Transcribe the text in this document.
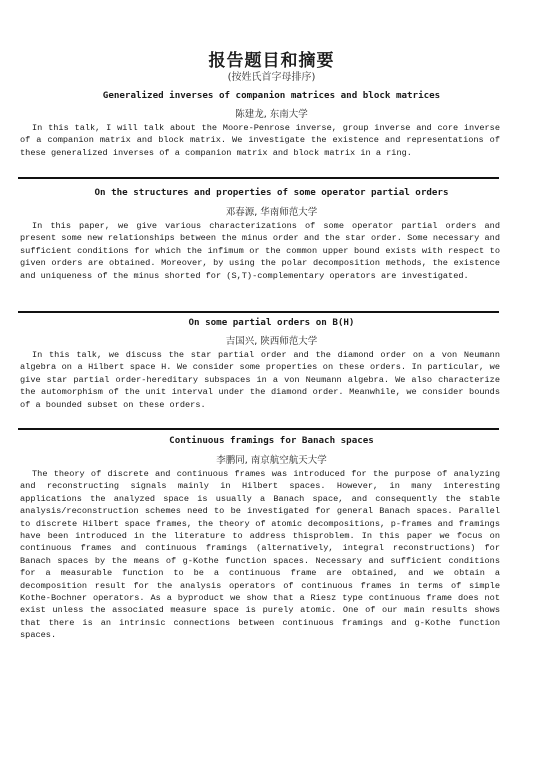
报告题目和摘要
(按姓氏首字母排序)
Generalized inverses of companion matrices and block matrices
陈建龙, 东南大学
In this talk, I will talk about the Moore-Penrose inverse, group inverse and core inverse of a companion matrix and block matrix. We investigate the existence and representations of these generalized inverses of a companion matrix and block matrix in a ring.
On the structures and properties of some operator partial orders
邓春源, 华南师范大学
In this paper, we give various characterizations of some operator partial orders and present some new relationships between the minus order and the star order. Some necessary and sufficient conditions for which the infimum or the common upper bound exists with respect to given orders are obtained. Moreover, by using the polar decomposition methods, the existence and uniqueness of the minus shorted for (S,T)-complementary operators are investigated.
On some partial orders on B(H)
吉国兴, 陕西师范大学
In this talk, we discuss the star partial order and the diamond order on a von Neumann algebra on a Hilbert space H. We consider some properties on these orders. In particular, we give star partial order-hereditary subspaces in a von Neumann algebra. We also characterize the automorphism of the unit interval under the diamond order. Meanwhile, we consider bounds of a bounded subset on these orders.
Continuous framings for Banach spaces
李鹏同, 南京航空航天大学
The theory of discrete and continuous frames was introduced for the purpose of analyzing and reconstructing signals mainly in Hilbert spaces. However, in many interesting applications the analyzed space is usually a Banach space, and consequently the stable analysis/reconstruction schemes need to be investigated for general Banach spaces. Parallel to discrete Hilbert space frames, the theory of atomic decompositions, p-frames and framings have been introduced in the literature to address thisproblem. In this paper we focus on continuous frames and continuous framings (alternatively, integral reconstructions) for Banach spaces by the means of g-Kothe function spaces. Necessary and sufficient conditions for a measurable function to be a continuous frame are obtained, and we obtain a decomposition result for the analysis operators of continuous frames in terms of simple Kothe-Bochner operators. As a byproduct we show that a Riesz type continuous frame does not exist unless the associated measure space is purely atomic. One of our main results shows that there is an intrinsic connections between continuous framings and g-Kothe function spaces.
